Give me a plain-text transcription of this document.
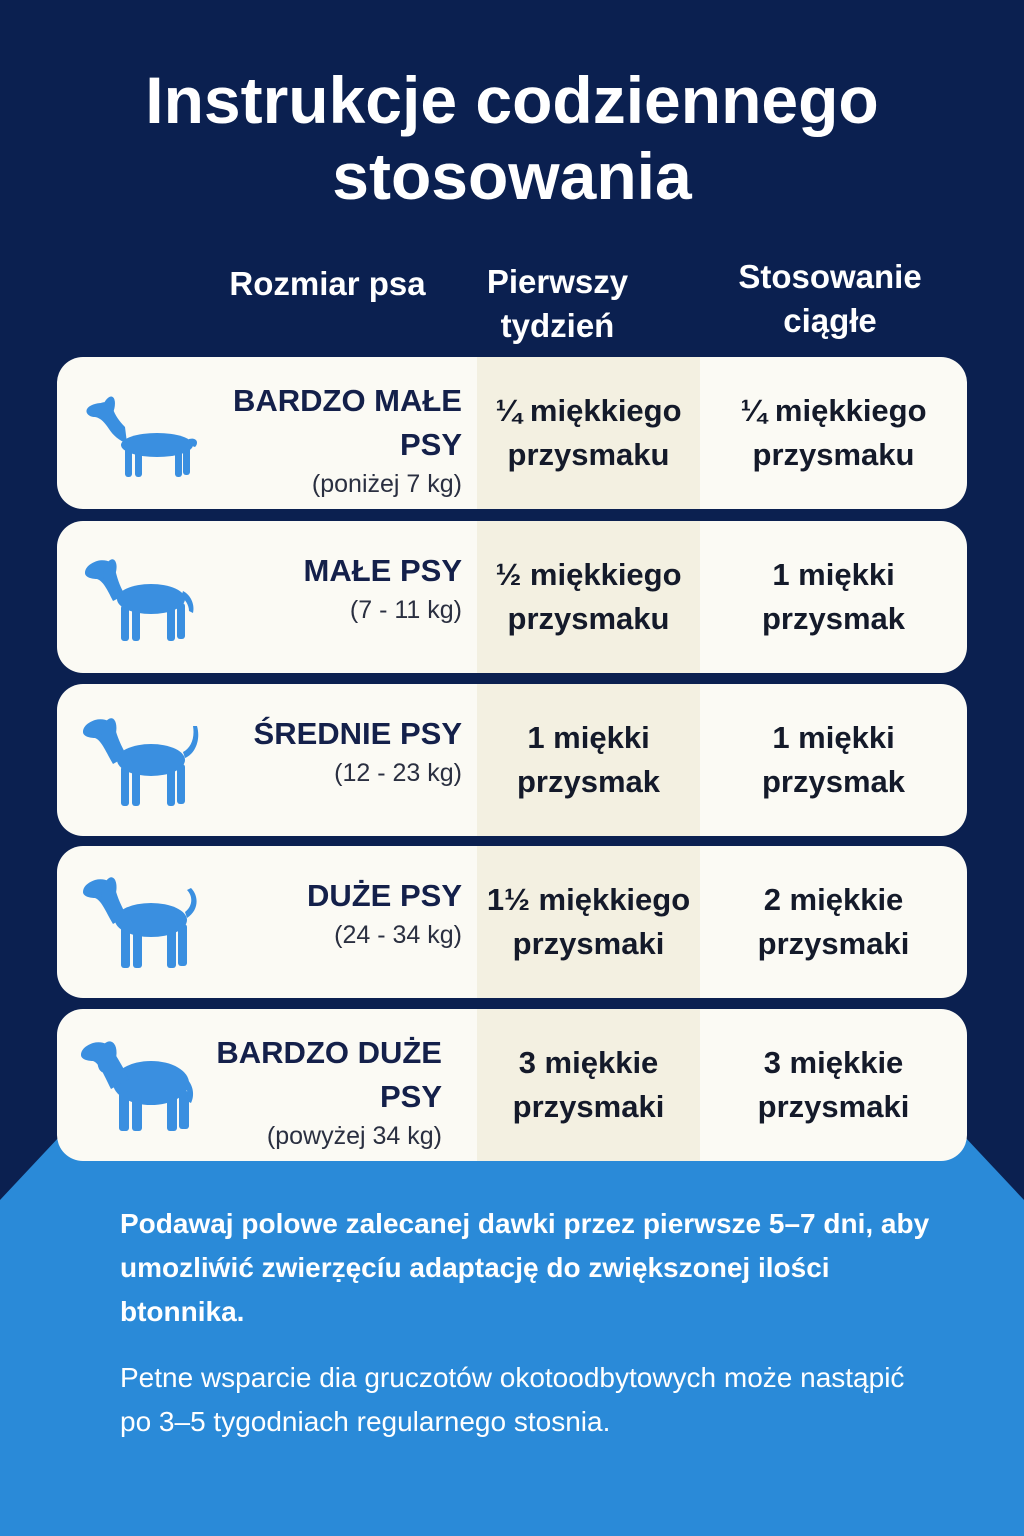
Instrukcje codziennego
stosowania
Rozmiar psa	Pierwszy
tydzień
Stosowanie
ciągłe
BARDZO MAŁE PSY
(poniżej 7 kg)
¼ miękkiego
przysmaku
¼ miękkiego
przysmaku
MAŁE PSY
(7 - 11 kg)
½ miękkiego
przysmaku
1 miękki
przysmak
ŚREDNIE PSY
(12 - 23 kg)
1 miękki
przysmak
1 miękki
przysmak
DUŻE PSY
(24 - 34 kg)
1½ miękkiego
przysmaki
2 miękkie
przysmaki
BARDZO DUŻE PSY
(powyżej 34 kg)
3 miękkie
przysmaki
3 miękkie
przysmaki

Podawaj polowe zalecanej dawki przez pierwsze 5–7 dni, aby umozliẃić zwierẓęcíu adaptację do zwiększonej ilości btonnika.

Petne wsparcie dia gruczotów okotoodbytowych może nastąpić po 3–5 tygodniach regularnego stosnia.
